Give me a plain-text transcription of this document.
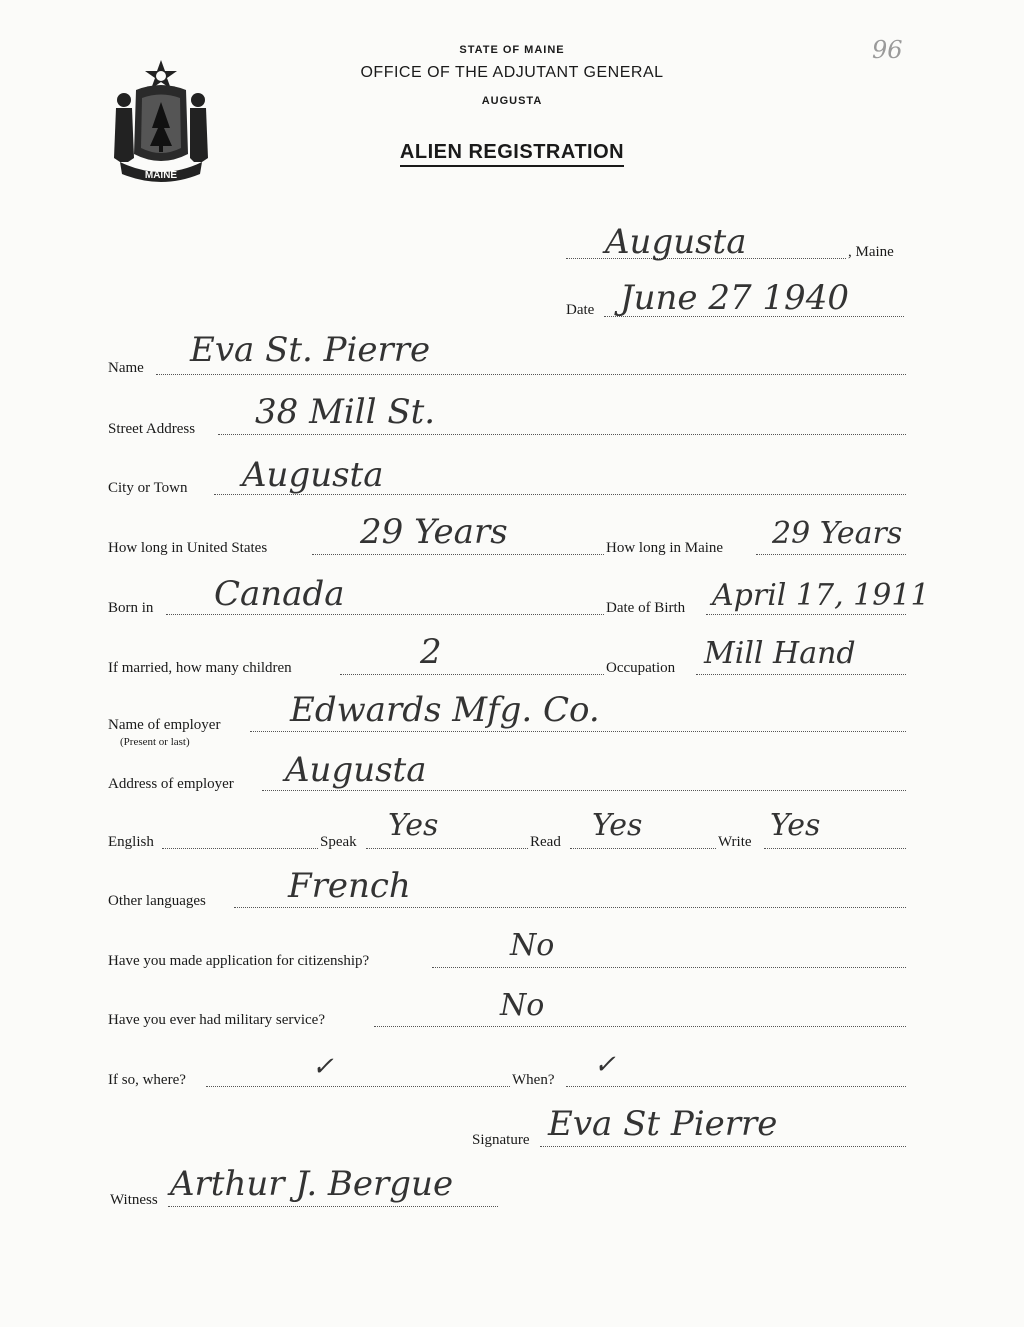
MAINE
STATE OF MAINE
OFFICE OF THE ADJUTANT GENERAL
AUGUSTA
ALIEN REGISTRATION
96
Augusta	, Maine
Date June 27 1940
Name Eva St. Pierre
Street Address 38 Mill St.
City or Town Augusta
How long in United States	29 Years	How long in Maine 29 Years
Born in Canada	Date of Birth April 17, 1911
If married, how many children	2	Occupation Mill Hand
Name of employer
(Present or last)
Edwards Mfg. Co.
Address of employer Augusta
English	Speak Yes	Read Yes	Write Yes
Other languages French
Have you made application for citizenship?	No
Have you ever had military service?	No
If so, where?	✓	When? ✓
Signature Eva St Pierre
Witness Arthur J. Bergue
